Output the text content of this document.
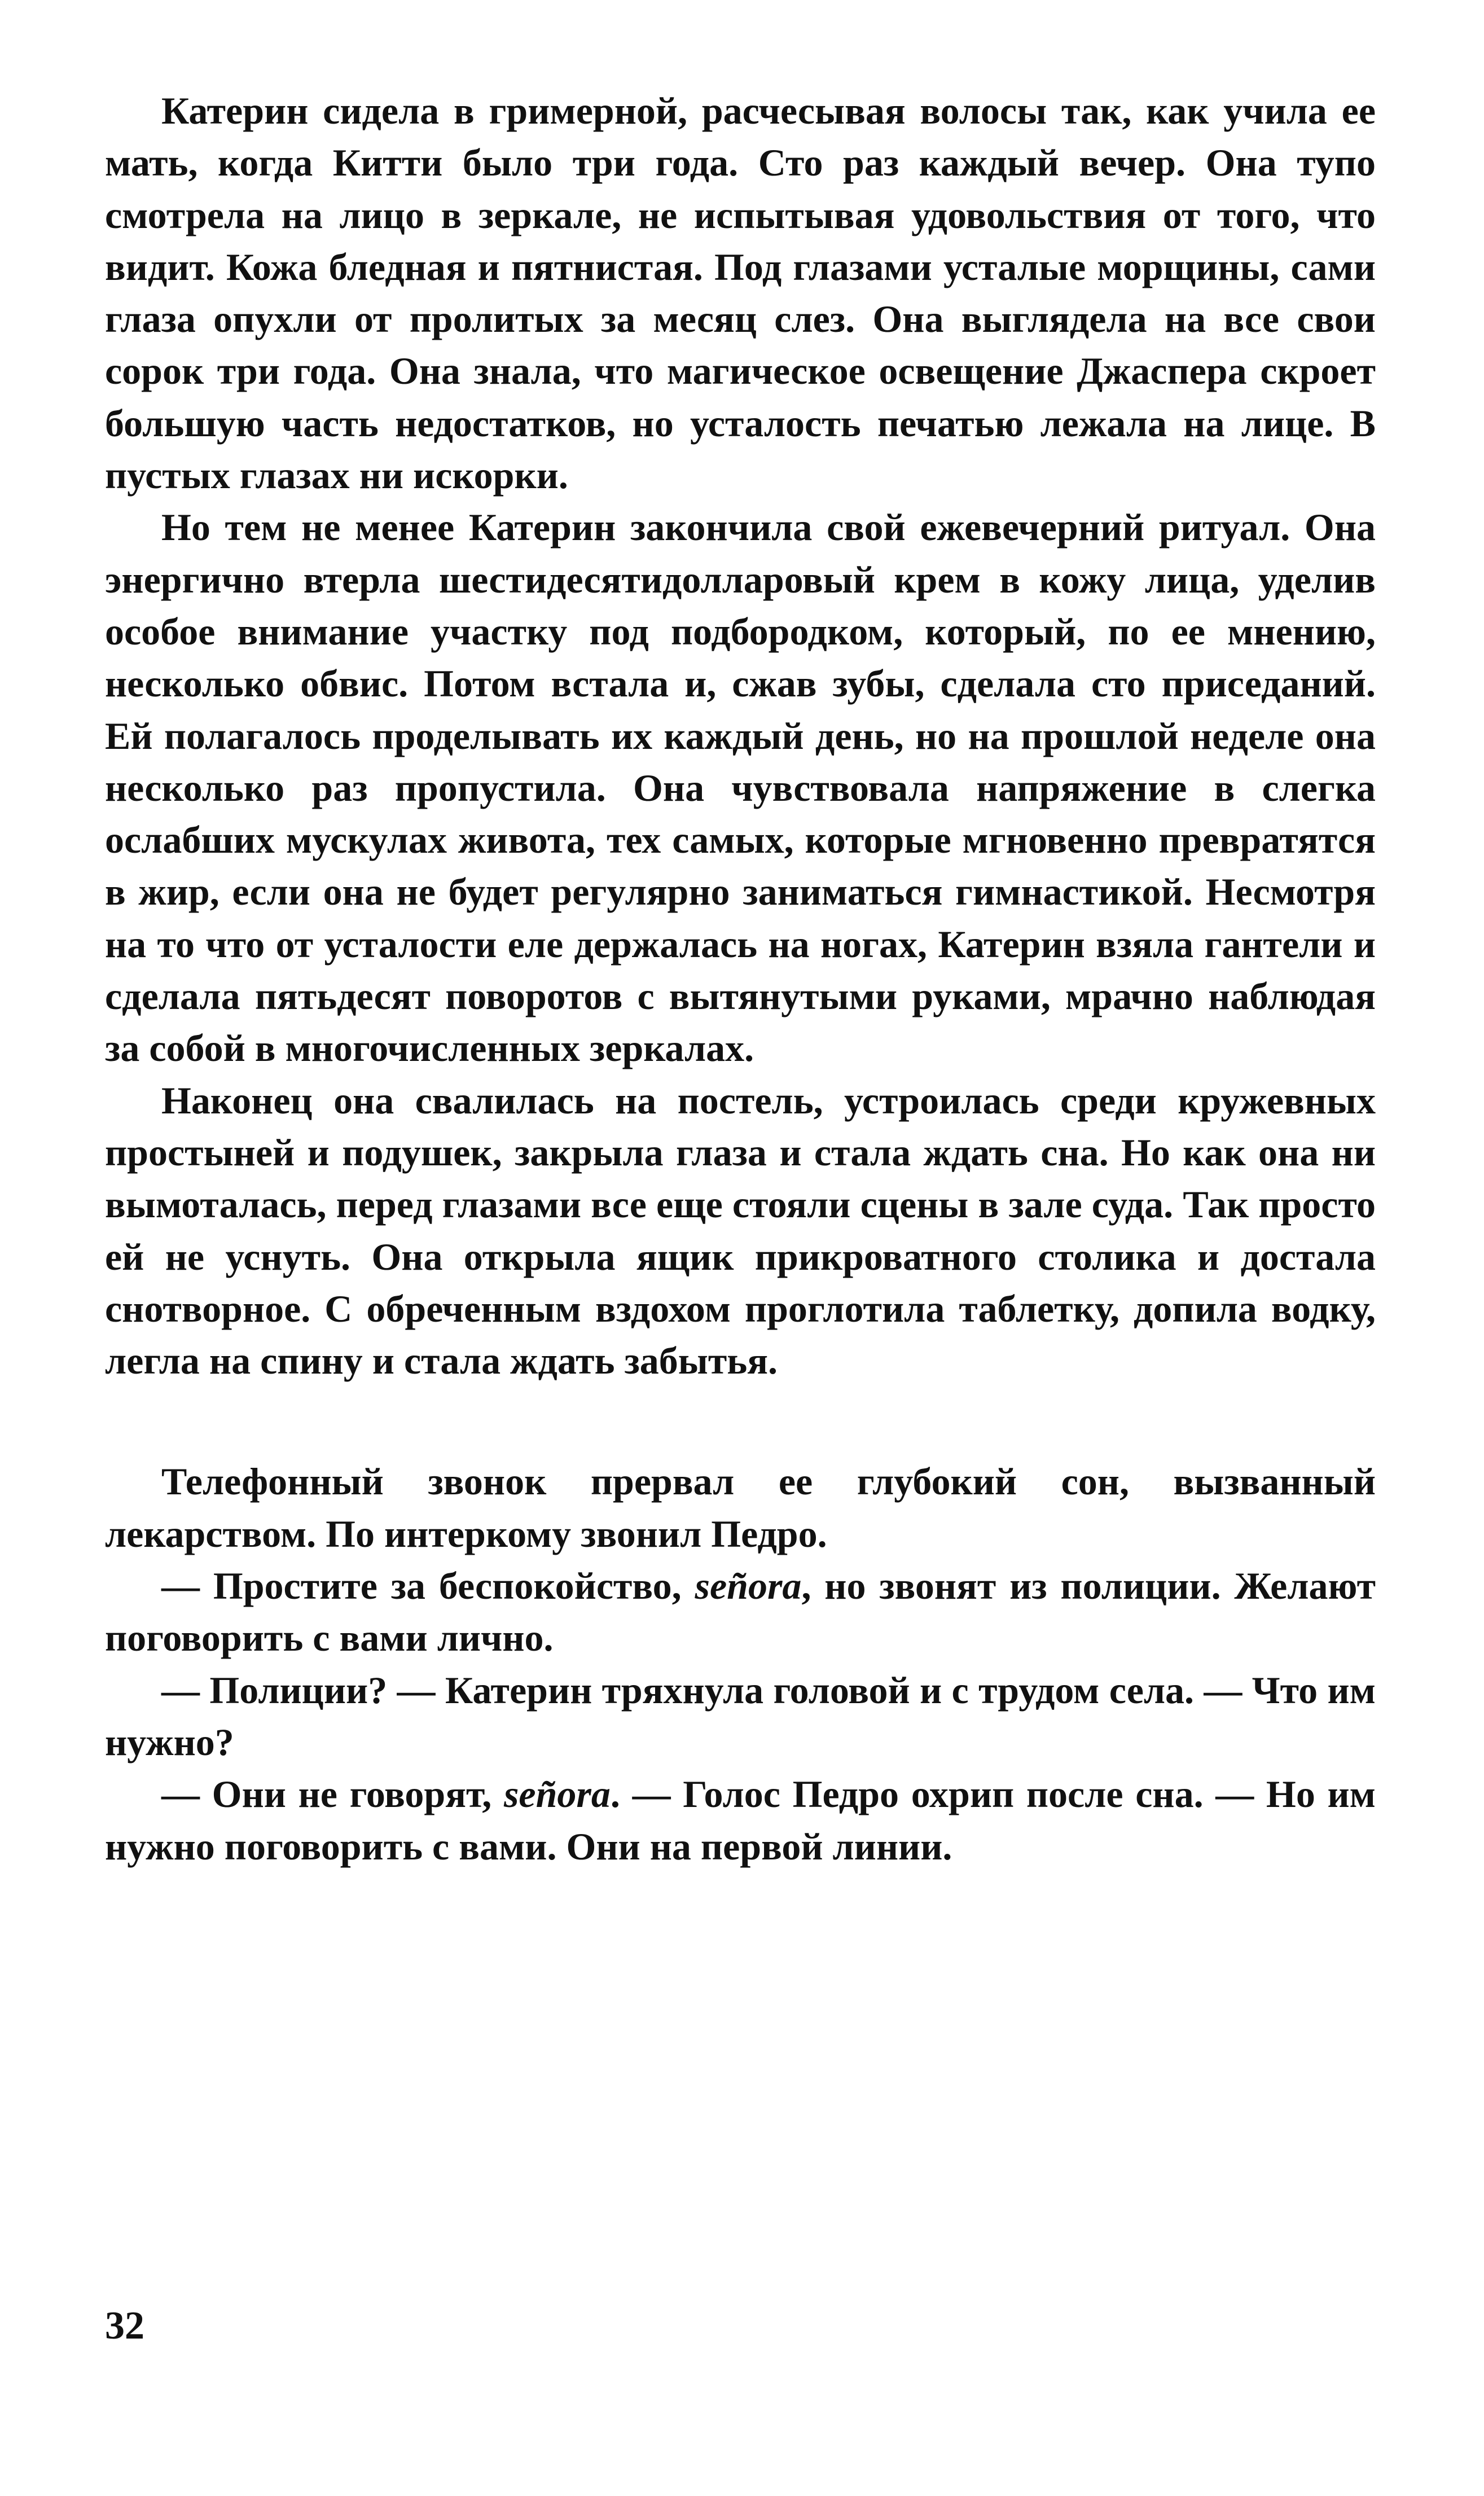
Катерин сидела в гримерной, расчесывая волосы так, как учила ее мать, когда Китти было три года. Сто раз каждый вечер. Она тупо смотрела на лицо в зеркале, не испытывая удовольствия от того, что видит. Кожа бледная и пятнистая. Под глазами усталые морщины, сами глаза опухли от пролитых за месяц слез. Она выглядела на все свои сорок три года. Она знала, что магическое освещение Джаспера скроет большую часть недостатков, но усталость печатью лежала на лице. В пустых глазах ни искорки.

Но тем не менее Катерин закончила свой ежевечерний ритуал. Она энергично втерла шестидесятидолларовый крем в кожу лица, уделив особое внимание участку под подбородком, который, по ее мнению, несколько обвис. Потом встала и, сжав зубы, сделала сто приседаний. Ей полагалось проделывать их каждый день, но на прошлой неделе она несколько раз пропустила. Она чувствовала напряжение в слегка ослабших мускулах живота, тех самых, которые мгновенно превратятся в жир, если она не будет регулярно заниматься гимнастикой. Несмотря на то что от усталости еле держалась на ногах, Катерин взяла гантели и сделала пятьдесят поворотов с вытянутыми руками, мрачно наблюдая за собой в многочисленных зеркалах.

Наконец она свалилась на постель, устроилась среди кружевных простыней и подушек, закрыла глаза и стала ждать сна. Но как она ни вымоталась, перед глазами все еще стояли сцены в зале суда. Так просто ей не уснуть. Она открыла ящик прикроватного столика и достала снотворное. С обреченным вздохом проглотила таблетку, допила водку, легла на спину и стала ждать забытья.

Телефонный звонок прервал ее глубокий сон, вызванный лекарством. По интеркому звонил Педро.

— Простите за беспокойство, señora, но звонят из полиции. Желают поговорить с вами лично.

— Полиции? — Катерин тряхнула головой и с трудом села. — Что им нужно?

— Они не говорят, señora. — Голос Педро охрип после сна. — Но им нужно поговорить с вами. Они на первой линии.

32
